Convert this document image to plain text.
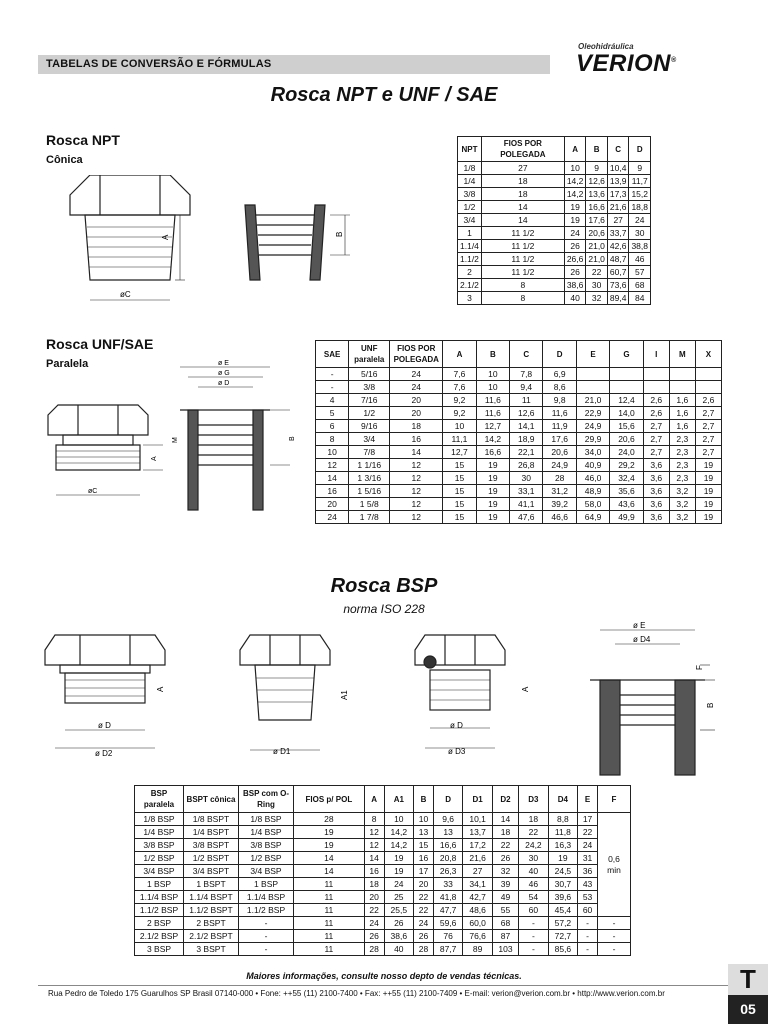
TABELAS DE CONVERSÃO E FÓRMULAS
Oleohidráulica
VERION®
Rosca NPT e UNF / SAE
Rosca NPT
Cônica
A
B
øC
NPT	FIOS POR POLEGADA	A	B	C	D
1/8	27	10	9	10,4	9
1/4	18	14,2	12,6	13,9	11,7
3/8	18	14,2	13,6	17,3	15,2
1/2	14	19	16,6	21,6	18,8
3/4	14	19	17,6	27	24
1	11 1/2	24	20,6	33,7	30
1.1/4	11 1/2	26	21,0	42,6	38,8
1.1/2	11 1/2	26,6	21,0	48,7	46
2	11 1/2	26	22	60,7	57
2.1/2	8	38,6	30	73,6	68
3	8	40	32	89,4	84
Rosca UNF/SAE
Paralela	ø E
ø G
ø D
M
A
B
øC
SAE	UNF paralela	FIOS POR POLEGADA	A	B	C	D	E	G	I	M	X
-	5/16	24	7,6	10	7,8	6,9					
-	3/8	24	7,6	10	9,4	8,6					
4	7/16	20	9,2	11,6	11	9,8	21,0	12,4	2,6	1,6	2,6
5	1/2	20	9,2	11,6	12,6	11,6	22,9	14,0	2,6	1,6	2,7
6	9/16	18	10	12,7	14,1	11,9	24,9	15,6	2,7	1,6	2,7
8	3/4	16	11,1	14,2	18,9	17,6	29,9	20,6	2,7	2,3	2,7
10	7/8	14	12,7	16,6	22,1	20,6	34,0	24,0	2,7	2,3	2,7
12	1 1/16	12	15	19	26,8	24,9	40,9	29,2	3,6	2,3	19
14	1 3/16	12	15	19	30	28	46,0	32,4	3,6	2,3	19
16	1 5/16	12	15	19	33,1	31,2	48,9	35,6	3,6	3,2	19
20	1 5/8	12	15	19	41,1	39,2	58,0	43,6	3,6	3,2	19
24	1 7/8	12	15	19	47,6	46,6	64,9	49,9	3,6	3,2	19
Rosca BSP
norma ISO 228
A
ø D
ø D2
A1
ø D1
A
ø D
ø D3
ø E
ø D4
F
B
BSP paralela	BSPT cônica	BSP com O-Ring	FIOS p/ POL	A	A1	B	D	D1	D2	D3	D4	E	F
1/8 BSP	1/8 BSPT	1/8 BSP	28	8	10	10	9,6	10,1	14	18	8,8	17	0,6
min

1/4 BSP	1/4 BSPT	1/4 BSP	19	12	14,2	13	13	13,7	18	22	11,8	22	
3/8 BSP	3/8 BSPT	3/8 BSP	19	12	14,2	15	16,6	17,2	22	24,2	16,3	24	
1/2 BSP	1/2 BSPT	1/2 BSP	14	14	19	16	20,8	21,6	26	30	19	31	
3/4 BSP	3/4 BSPT	3/4 BSP	14	16	19	17	26,3	27	32	40	24,5	36	
1 BSP	1 BSPT	1 BSP	11	18	24	20	33	34,1	39	46	30,7	43	
1.1/4 BSP	1.1/4 BSPT	1.1/4 BSP	11	20	25	22	41,8	42,7	49	54	39,6	53	
1.1/2 BSP	1.1/2 BSPT	1.1/2 BSP	11	22	25,5	22	47,7	48,6	55	60	45,4	60	
2 BSP	2 BSPT	-	11	24	26	24	59,6	60,0	68	-	57,2	-	-
2.1/2 BSP	2.1/2 BSPT	-	11	26	38,6	26	76	76,6	87	-	72,7	-	-
3 BSP	3 BSPT	-	11	28	40	28	87,7	89	103	-	85,6	-	-
Maiores informações, consulte nosso depto de vendas técnicas.
Rua Pedro de Toledo 175 Guarulhos SP Brasil 07140-000 • Fone: ++55 (11) 2100-7400 • Fax: ++55 (11) 2100-7409 • E-mail: verion@verion.com.br • http://www.verion.com.br	T
05
